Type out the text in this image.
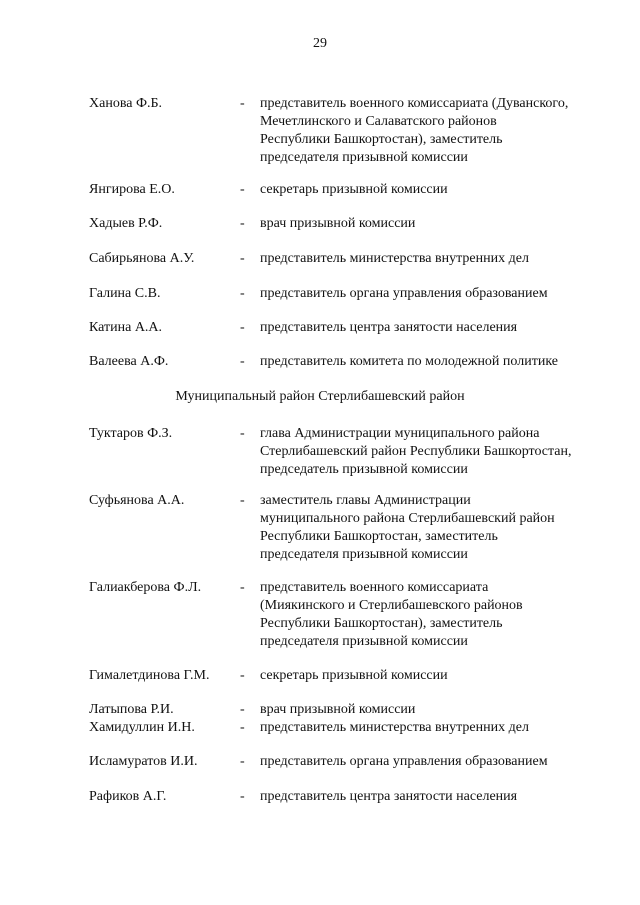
29
Ханова Ф.Б.	- представитель военного комиссариата (Дуванского,
Мечетлинского и Салаватского районов
Республики Башкортостан), заместитель
председателя призывной комиссии
Янгирова Е.О.	- секретарь призывной комиссии
Хадыев Р.Ф.	- врач призывной комиссии
Сабирьянова А.У.	- представитель министерства внутренних дел
Галина С.В.	- представитель органа управления образованием
Катина А.А.	- представитель центра занятости населения
Валеева А.Ф.	- представитель комитета по молодежной политике
Муниципальный район Стерлибашевский район
Туктаров Ф.З.	- глава Администрации муниципального района
Стерлибашевский район Республики Башкортостан,
председатель призывной комиссии
Суфьянова А.А.	- заместитель главы Администрации
муниципального района Стерлибашевский район
Республики Башкортостан, заместитель
председателя призывной комиссии
Галиакберова Ф.Л.	- представитель военного комиссариата
(Миякинского и Стерлибашевского районов
Республики Башкортостан), заместитель
председателя призывной комиссии
Гималетдинова Г.М. - секретарь призывной комиссии
Латыпова Р.И.	- врач призывной комиссии
Хамидуллин И.Н.	- представитель министерства внутренних дел
Исламуратов И.И.	- представитель органа управления образованием
Рафиков А.Г.	- представитель центра занятости населения
